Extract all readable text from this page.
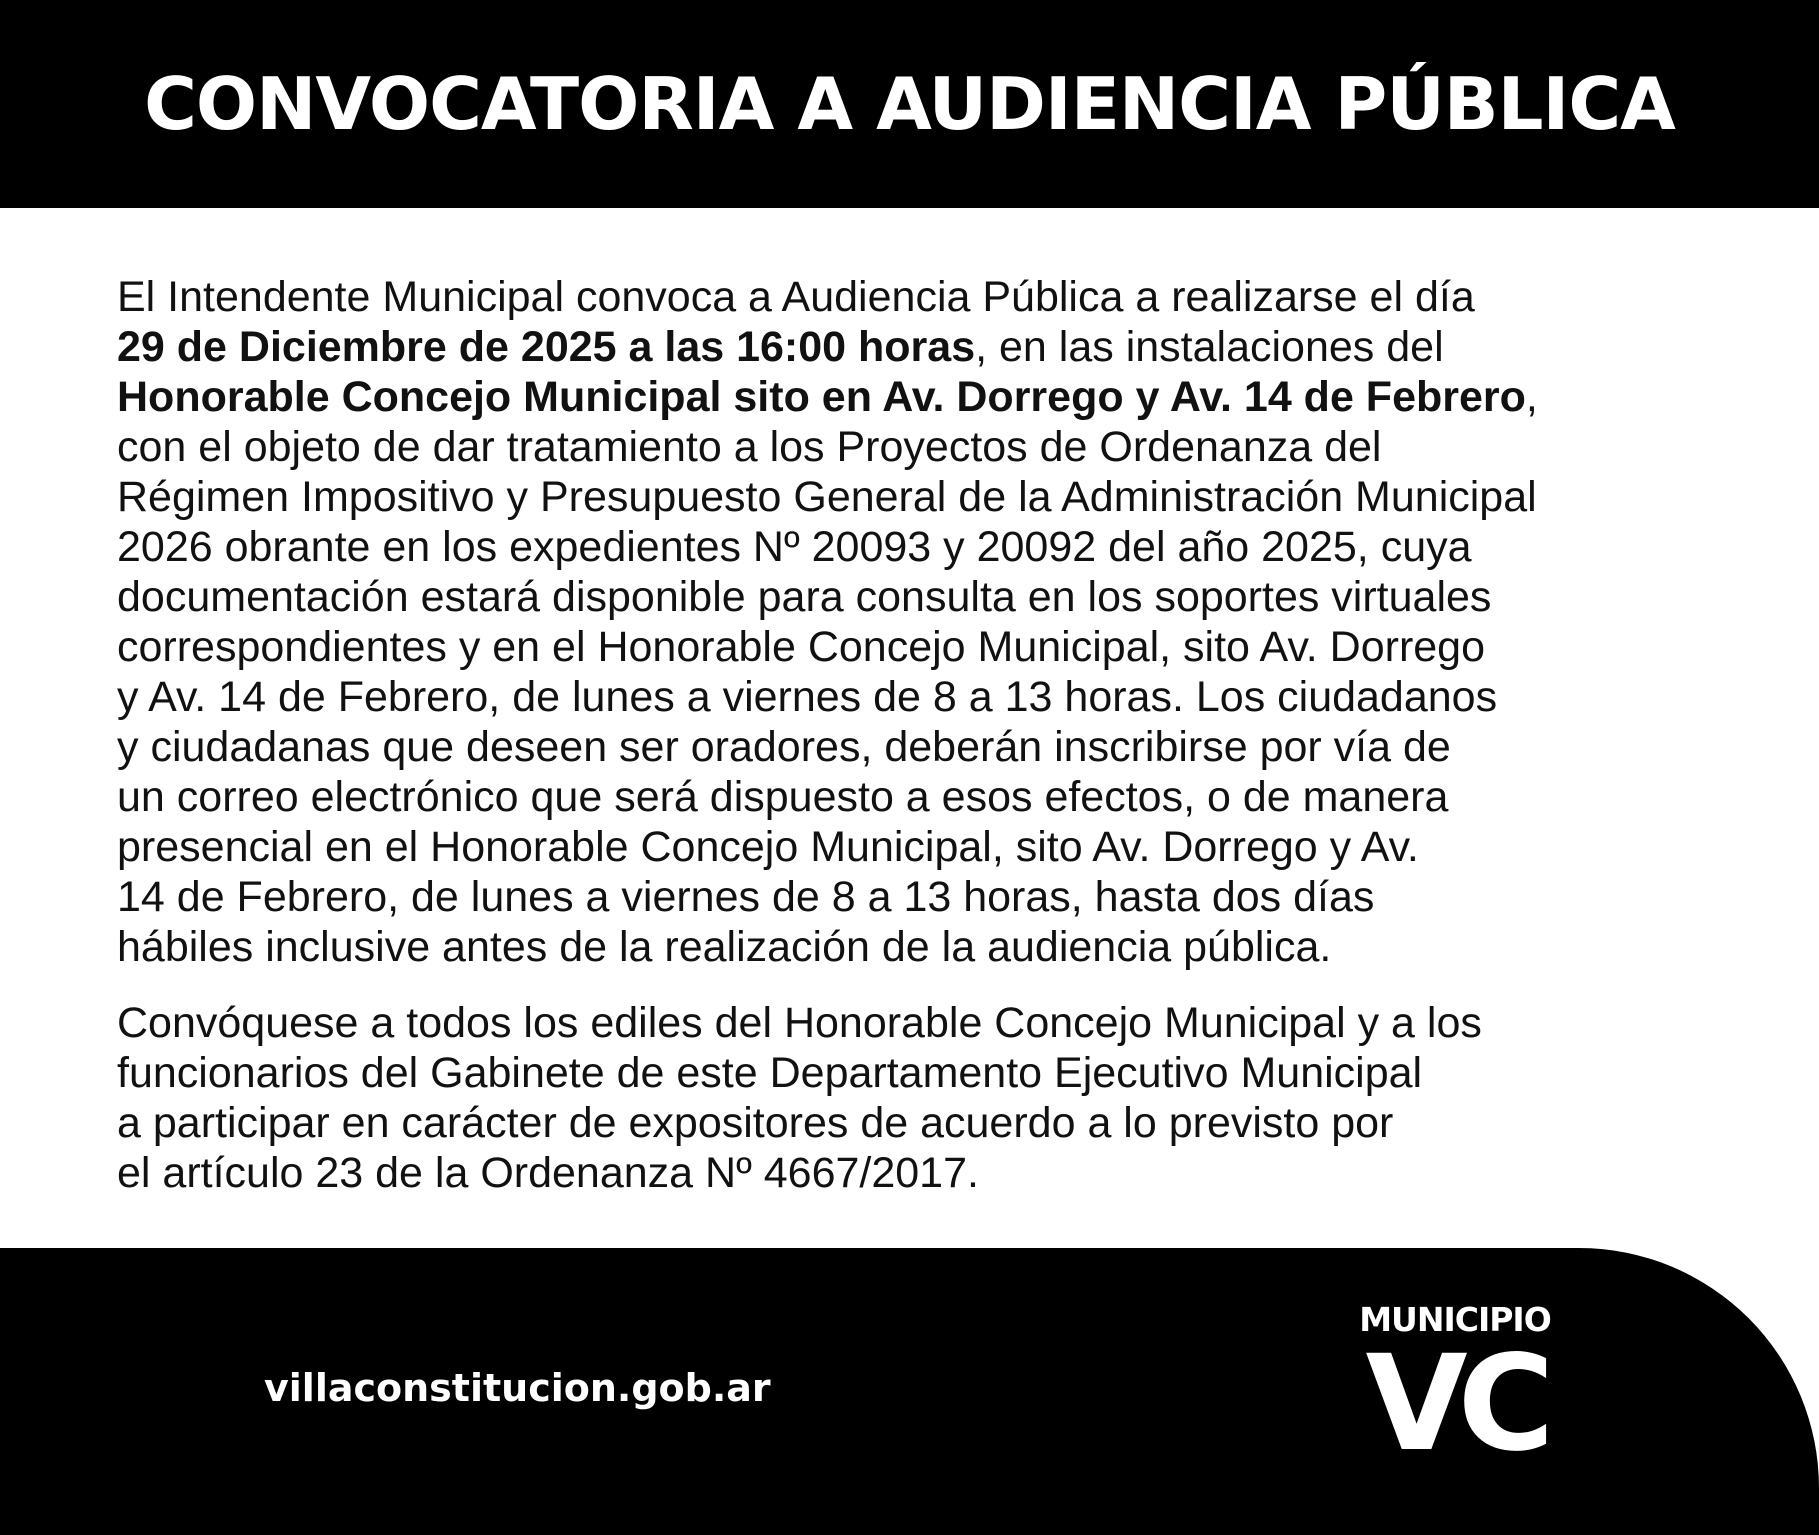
CONVOCATORIA A AUDIENCIA PÚBLICA
El Intendente Municipal convoca a Audiencia Pública a realizarse el día
29 de Diciembre de 2025 a las 16:00 horas, en las instalaciones del
Honorable Concejo Municipal sito en Av. Dorrego y Av. 14 de Febrero,
con el objeto de dar tratamiento a los Proyectos de Ordenanza del
Régimen Impositivo y Presupuesto General de la Administración Municipal
2026 obrante en los expedientes Nº 20093 y 20092 del año 2025, cuya
documentación estará disponible para consulta en los soportes virtuales
correspondientes y en el Honorable Concejo Municipal, sito Av. Dorrego
y Av. 14 de Febrero, de lunes a viernes de 8 a 13 horas. Los ciudadanos
y ciudadanas que deseen ser oradores, deberán inscribirse por vía de
un correo electrónico que será dispuesto a esos efectos, o de manera
presencial en el Honorable Concejo Municipal, sito Av. Dorrego y Av.
14 de Febrero, de lunes a viernes de 8 a 13 horas, hasta dos días
hábiles inclusive antes de la realización de la audiencia pública.
Convóquese a todos los ediles del Honorable Concejo Municipal y a los
funcionarios del Gabinete de este Departamento Ejecutivo Municipal
a participar en carácter de expositores de acuerdo a lo previsto por
el artículo 23 de la Ordenanza Nº 4667/2017.
villaconstitucion.gob.ar
MUNICIPIO
VC
